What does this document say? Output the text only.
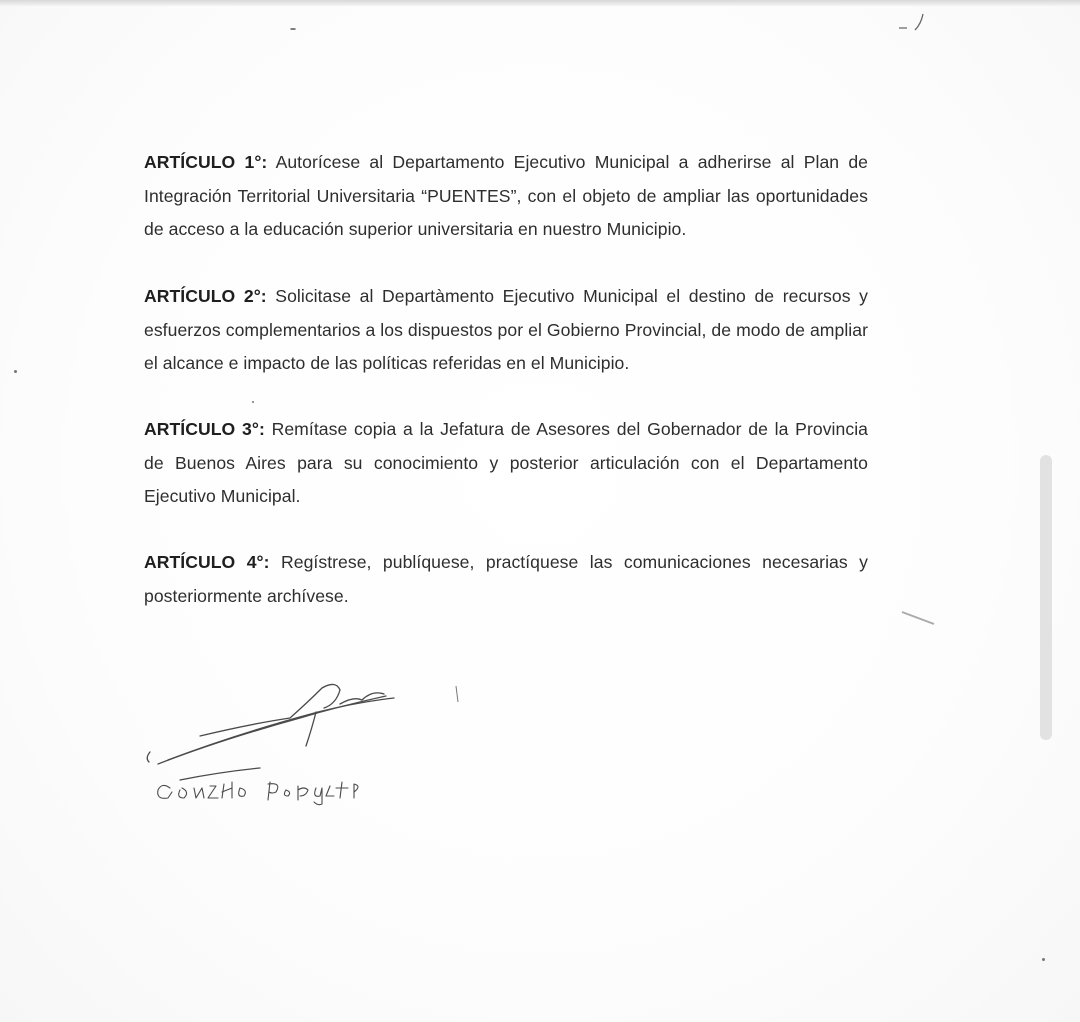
ARTÍCULO 1°: Autorícese al Departamento Ejecutivo Municipal a adherirse al Plan de Integración Territorial Universitaria “PUENTES”, con el objeto de ampliar las oportunidades de acceso a la educación superior universitaria en nuestro Municipio.

ARTÍCULO 2°: Solicitase al Departàmento Ejecutivo Municipal el destino de recursos y esfuerzos complementarios a los dispuestos por el Gobierno Provincial, de modo de ampliar el alcance e impacto de las políticas referidas en el Municipio.

ARTÍCULO 3°: Remítase copia a la Jefatura de Asesores del Gobernador de la Provincia de Buenos Aires para su conocimiento y posterior articulación con el Departamento Ejecutivo Municipal.

ARTÍCULO 4°: Regístrese, publíquese, practíquese las comunicaciones necesarias y posteriormente archívese.
